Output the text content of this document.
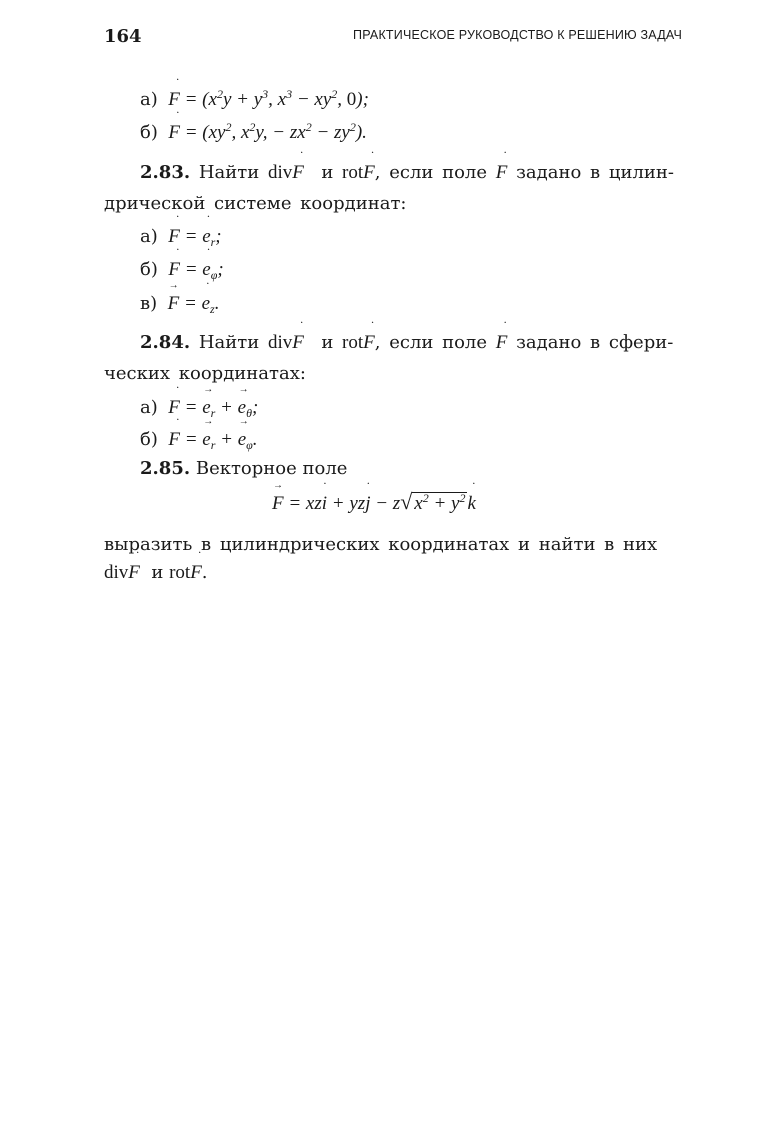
164	ПРАКТИЧЕСКОЕ РУКОВОДСТВО К РЕШЕНИЮ ЗАДАЧ
а)  ˙ $F = (x^2y + y^3$, $x^3 - xy^2$, 0);
б)  ˙ $F = (xy^2$, $x^2y$, − $zx^2 - zy^2$).
2.83. Найти div˙ F и rot˙ F, если поле ˙ F задано в цилин-
дрической системе координат:
а)  ˙ F = ˙ $e_r$;
б)  ˙ F = ˙ $e_\varphi$;
в)  → F = ˙ $e_z$.
2.84. Найти div˙ F и rot˙ F, если поле ˙ F задано в сфери-
ческих координатах:
а)  ˙ F = → $e_r$ + → $e_\theta$;
б)  ˙ F = → $e_r$ + → $e_\varphi$.
2.85. Векторное поле
→ F = xz˙ i + yz˙ j − z√ $x^2$ + $y^2˙$ k
выразить в цилиндрических координатах и найти в них
div˙ F и rot˙ F.
